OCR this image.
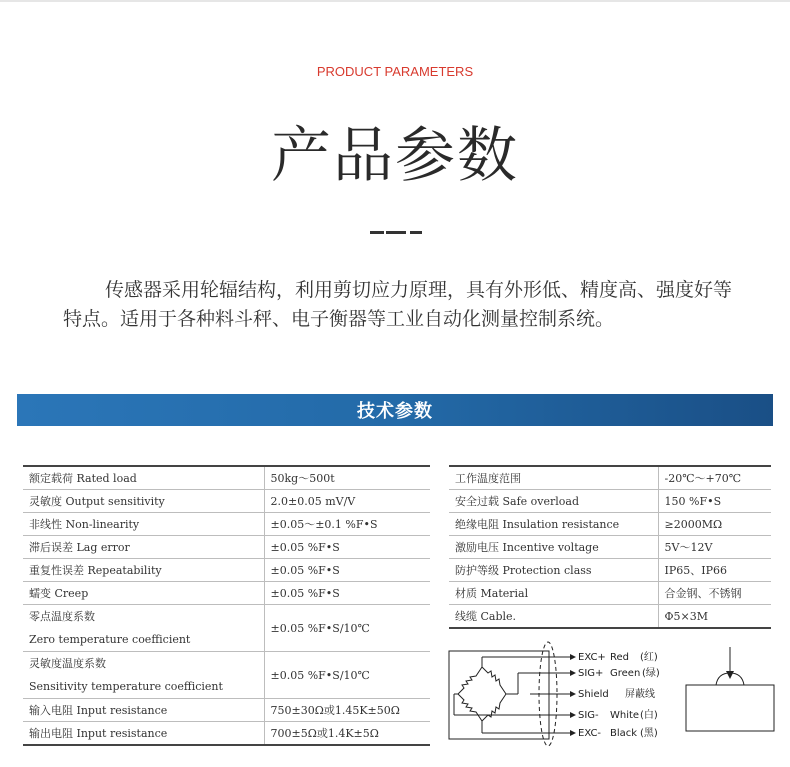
PRODUCT PARAMETERS
产品参数
传感器采用轮辐结构，利用剪切应力原理，具有外形低、精度高、强度好等特点。适用于各种料斗秤、电子衡器等工业自动化测量控制系统。
技术参数
额定载荷 Rated load	50kg～500t
灵敏度 Output sensitivity	2.0±0.05 mV/V
非线性 Non-linearity	±0.05～±0.1 %F•S
滞后误差 Lag error	±0.05 %F•S
重复性误差 Repeatability	±0.05 %F•S
蠕变 Creep	±0.05 %F•S

零点温度系数
Zero temperature coefficient	±0.05 %F•S/10℃

灵敏度温度系数
Sensitivity temperature coefficient	±0.05 %F•S/10℃
输入电阻 Input resistance	750±30Ω或1.45K±50Ω
输出电阻 Input resistance	700±5Ω或1.4K±5Ω
工作温度范围	-20℃～+70℃
安全过载 Safe overload	150 %F•S
绝缘电阻 Insulation resistance	≥2000MΩ
激励电压 Incentive voltage	5V～12V
防护等级 Protection class	IP65、IP66
材质 Material	合金钢、不锈钢
线缆 Cable.	Φ5×3M
EXC+ Red (红)
SIG+ Green (绿)
Shield 屏蔽线
SIG- White (白)
EXC- Black (黑)
